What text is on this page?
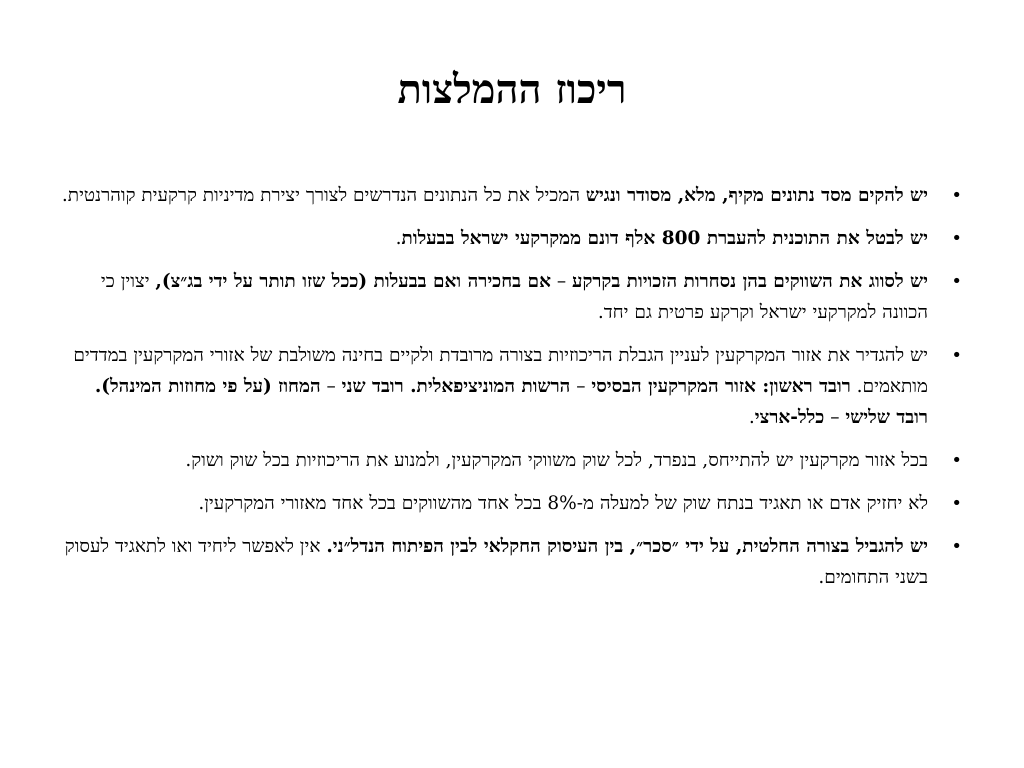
ריכוז ההמלצות
• יש להקים מסד נתונים מקיף, מלא, מסודר ונגיש המכיל את כל הנתונים הנדרשים לצורך יצירת מדיניות קרקעית קוהרנטית.
• יש לבטל את התוכנית להעברת 800 אלף דונם ממקרקעי ישראל בבעלות.
• יש לסווג את השווקים בהן נסחרות הזכויות בקרקע – אם בחכירה ואם בבעלות (ככל שזו תותר על ידי בג״צ), יצוין כי הכוונה למקרקעי ישראל וקרקע פרטית גם יחד.
• יש להגדיר את אזור המקרקעין לעניין הגבלת הריכוזיות בצורה מרובדת ולקיים בחינה משולבת של אזורי המקרקעין במדדים מותאמים. רובד ראשון: אזור המקרקעין הבסיסי – הרשות המוניציפאלית. רובד שני – המחוז (על פי מחוזות המינהל). רובד שלישי – כלל-ארצי.
• בכל אזור מקרקעין יש להתייחס, בנפרד, לכל שוק משווקי המקרקעין, ולמנוע את הריכוזיות בכל שוק ושוק.
• לא יחזיק אדם או תאגיד בנתח שוק של למעלה מ-8% בכל אחד מהשווקים בכל אחד מאזורי המקרקעין.
• יש להגביל בצורה החלטית, על ידי ״סכר״, בין העיסוק החקלאי לבין הפיתוח הנדל״ני. אין לאפשר ליחיד ואו לתאגיד לעסוק בשני התחומים.
